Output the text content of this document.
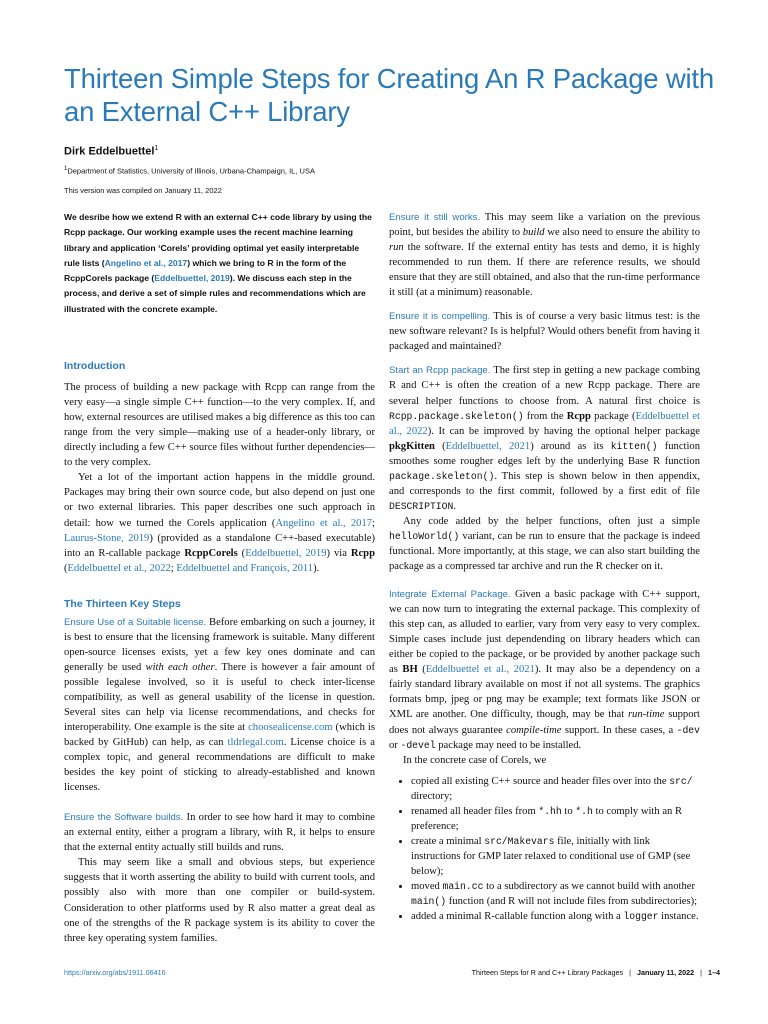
Thirteen Simple Steps for Creating An R Package with an External C++ Library
Dirk Eddelbuettel$^1$
$^1$Department of Statistics, University of Illinois, Urbana-Champaign, IL, USA
This version was compiled on January 11, 2022

We desribe how we extend R with an external C++ code library by using the Rcpp package. Our working example uses the recent machine learning library and application ‘Corels’ providing optimal yet easily interpretable rule lists (Angelino et al., 2017) which we bring to R in the form of the RcppCorels package (Eddelbuettel, 2019). We discuss each step in the process, and derive a set of simple rules and recommendations which are illustrated with the concrete example.

Introduction

The process of building a new package with Rcpp can range from the very easy—a single simple C++ function—to the very complex. If, and how, external resources are utilised makes a big difference as this too can range from the very simple—making use of a header-only library, or directly including a few C++ source files without further dependencies—to the very complex.

Yet a lot of the important action happens in the middle ground. Packages may bring their own source code, but also depend on just one or two external libraries. This paper describes one such approach in detail: how we turned the Corels application (Angelino et al., 2017; Laurus-Stone, 2019) (provided as a standalone C++-based executable) into an R-callable package RcppCorels (Eddelbuettel, 2019) via Rcpp (Eddelbuettel et al., 2022; Eddelbuettel and François, 2011).

The Thirteen Key Steps

Ensure Use of a Suitable license. Before embarking on such a journey, it is best to ensure that the licensing framework is suitable. Many different open-source licenses exists, yet a few key ones dominate and can generally be used with each other. There is however a fair amount of possible legalese involved, so it is useful to check inter-license compatibility, as well as general usability of the license in question. Several sites can help via license recommendations, and checks for interoperability. One example is the site at choosealicense.com (which is backed by GitHub) can help, as can tldrlegal.com. License choice is a complex topic, and general recommendations are difficult to make besides the key point of sticking to already-established and known licenses.

Ensure the Software builds. In order to see how hard it may to combine an external entity, either a program a library, with R, it helps to ensure that the external entity actually still builds and runs.

This may seem like a small and obvious steps, but experience suggests that it worth asserting the ability to build with current tools, and possibly also with more than one compiler or build-system. Consideration to other platforms used by R also matter a great deal as one of the strengths of the R package system is its ability to cover the three key operating system families.

Ensure it still works. This may seem like a variation on the previous point, but besides the ability to build we also need to ensure the ability to run the software. If the external entity has tests and demo, it is highly recommended to run them. If there are reference results, we should ensure that they are still obtained, and also that the run-time performance it still (at a minimum) reasonable.

Ensure it is compelling. This is of course a very basic litmus test: is the new software relevant? Is is helpful? Would others benefit from having it packaged and maintained?

Start an Rcpp package. The first step in getting a new package combing R and C++ is often the creation of a new Rcpp package. There are several helper functions to choose from. A natural first choice is Rcpp.package.skeleton() from the Rcpp package (Eddelbuettel et al., 2022). It can be improved by having the optional helper package pkgKitten (Eddelbuettel, 2021) around as its kitten() function smoothes some rougher edges left by the underlying Base R function package.skeleton(). This step is shown below in then appendix, and corresponds to the first commit, followed by a first edit of file DESCRIPTION.

Any code added by the helper functions, often just a simple helloWorld() variant, can be run to ensure that the package is indeed functional. More importantly, at this stage, we can also start building the package as a compressed tar archive and run the R checker on it.

Integrate External Package. Given a basic package with C++ support, we can now turn to integrating the external package. This complexity of this step can, as alluded to earlier, vary from very easy to very complex. Simple cases include just dependending on library headers which can either be copied to the package, or be provided by another package such as BH (Eddelbuettel et al., 2021). It may also be a dependency on a fairly standard library available on most if not all systems. The graphics formats bmp, jpeg or png may be example; text formats like JSON or XML are another. One difficulty, though, may be that run-time support does not always guarantee compile-time support. In these cases, a -dev or -devel package may need to be installed.

In the concrete case of Corels, we

• copied all existing C++ source and header files over into the src/ directory;
• renamed all header files from *.hh to *.h to comply with an R preference;
• create a minimal src/Makevars file, initially with link instructions for GMP later relaxed to conditional use of GMP (see below);
• moved main.cc to a subdirectory as we cannot build with another main() function (and R will not include files from subdirectories);
• added a minimal R-callable function along with a logger instance.
https://arxiv.org/abs/1911.06416	Thirteen Steps for R and C++ Library Packages | January 11, 2022 | 1–4
